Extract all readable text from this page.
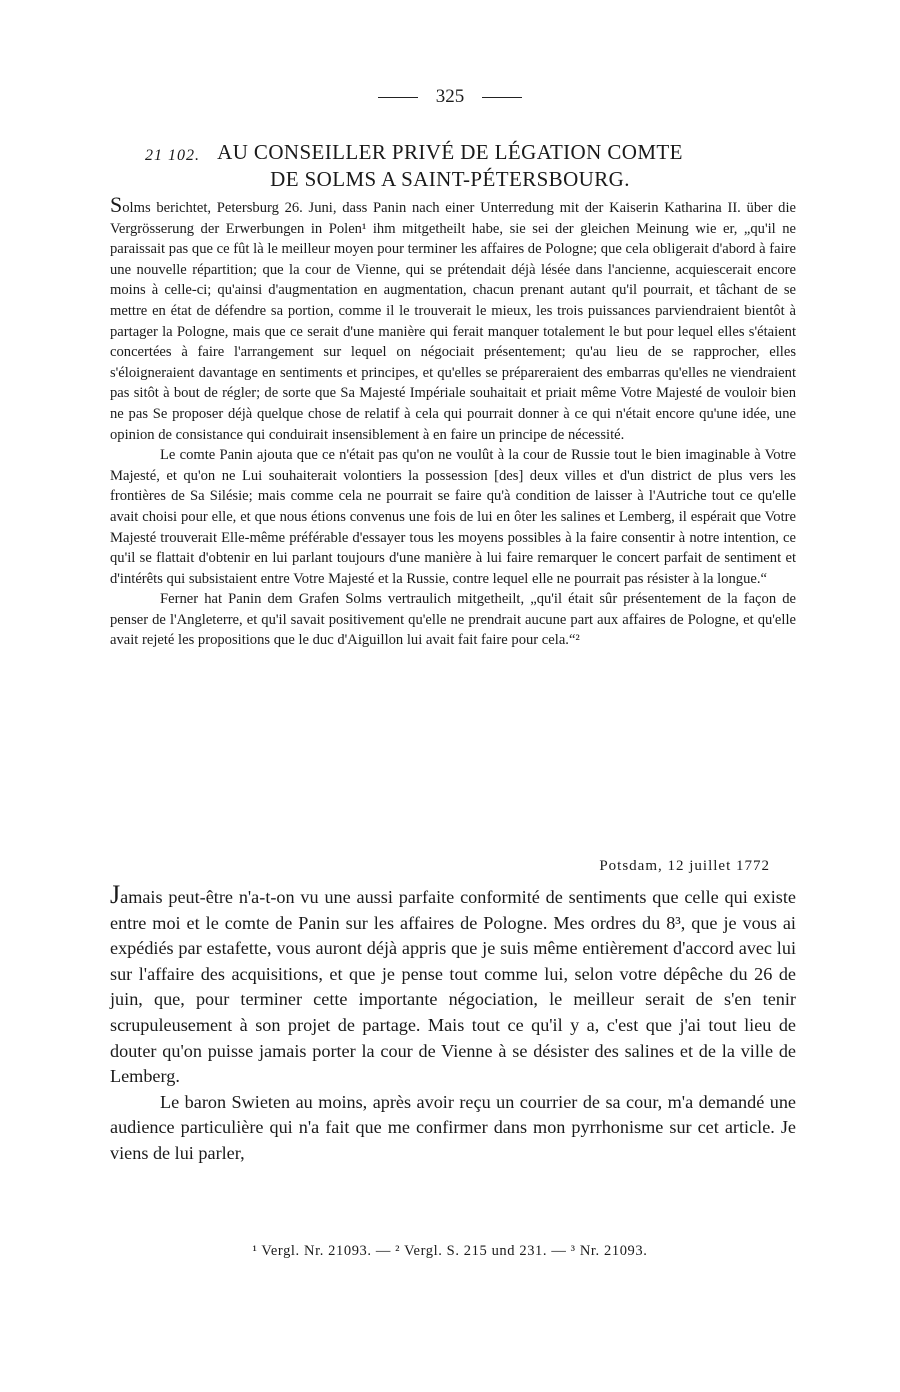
325
21 102. AU CONSEILLER PRIVÉ DE LÉGATION COMTE
DE SOLMS A SAINT-PÉTERSBOURG.

Solms berichtet, Petersburg 26. Juni, dass Panin nach einer Unterredung mit der Kaiserin Katharina II. über die Vergrösserung der Erwerbungen in Polen¹ ihm mitgetheilt habe, sie sei der gleichen Meinung wie er, „qu'il ne paraissait pas que ce fût là le meilleur moyen pour terminer les affaires de Pologne; que cela obligerait d'abord à faire une nouvelle répartition; que la cour de Vienne, qui se prétendait déjà lésée dans l'ancienne, acquiescerait encore moins à celle-ci; qu'ainsi d'augmentation en augmentation, chacun prenant autant qu'il pourrait, et tâchant de se mettre en état de défendre sa portion, comme il le trouverait le mieux, les trois puissances parviendraient bientôt à partager la Pologne, mais que ce serait d'une manière qui ferait manquer totalement le but pour lequel elles s'étaient concertées à faire l'arrangement sur lequel on négociait présentement; qu'au lieu de se rapprocher, elles s'éloigneraient davantage en sentiments et principes, et qu'elles se prépareraient des embarras qu'elles ne viendraient pas sitôt à bout de régler; de sorte que Sa Majesté Impériale souhaitait et priait même Votre Majesté de vouloir bien ne pas Se proposer déjà quelque chose de relatif à cela qui pourrait donner à ce qui n'était encore qu'une idée, une opinion de consistance qui conduirait insensiblement à en faire un principe de nécessité.

Le comte Panin ajouta que ce n'était pas qu'on ne voulût à la cour de Russie tout le bien imaginable à Votre Majesté, et qu'on ne Lui souhaiterait volontiers la possession [des] deux villes et d'un district de plus vers les frontières de Sa Silésie; mais comme cela ne pourrait se faire qu'à condition de laisser à l'Autriche tout ce qu'elle avait choisi pour elle, et que nous étions convenus une fois de lui en ôter les salines et Lemberg, il espérait que Votre Majesté trouverait Elle-même préférable d'essayer tous les moyens possibles à la faire consentir à notre intention, ce qu'il se flattait d'obtenir en lui parlant toujours d'une manière à lui faire remarquer le concert parfait de sentiment et d'intérêts qui subsistaient entre Votre Majesté et la Russie, contre lequel elle ne pourrait pas résister à la longue.“

Ferner hat Panin dem Grafen Solms vertraulich mitgetheilt, „qu'il était sûr présentement de la façon de penser de l'Angleterre, et qu'il savait positivement qu'elle ne prendrait aucune part aux affaires de Pologne, et qu'elle avait rejeté les propositions que le duc d'Aiguillon lui avait fait faire pour cela.“²

Potsdam, 12 juillet 1772

Jamais peut-être n'a-t-on vu une aussi parfaite conformité de sentiments que celle qui existe entre moi et le comte de Panin sur les affaires de Pologne. Mes ordres du 8³, que je vous ai expédiés par estafette, vous auront déjà appris que je suis même entièrement d'accord avec lui sur l'affaire des acquisitions, et que je pense tout comme lui, selon votre dépêche du 26 de juin, que, pour terminer cette importante négociation, le meilleur serait de s'en tenir scrupuleusement à son projet de partage. Mais tout ce qu'il y a, c'est que j'ai tout lieu de douter qu'on puisse jamais porter la cour de Vienne à se désister des salines et de la ville de Lemberg.

Le baron Swieten au moins, après avoir reçu un courrier de sa cour, m'a demandé une audience particulière qui n'a fait que me confirmer dans mon pyrrhonisme sur cet article. Je viens de lui parler,

¹ Vergl. Nr. 21093. — ² Vergl. S. 215 und 231. — ³ Nr. 21093.
